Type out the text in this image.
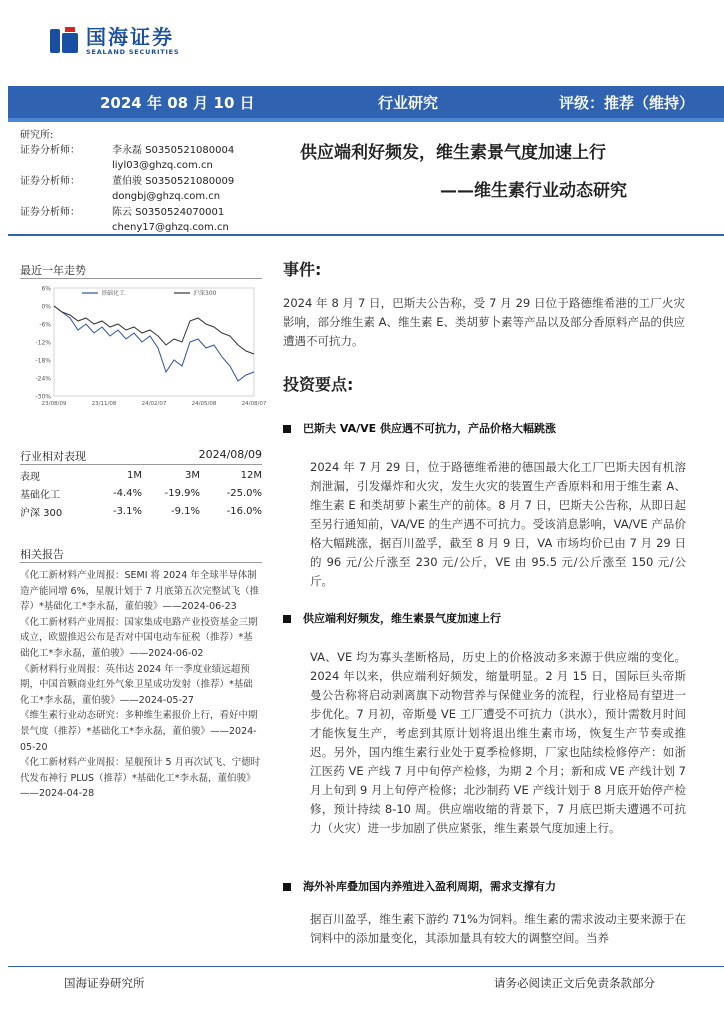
国海证券
SEALAND SECURITIES
2024 年 08 月 10 日	行业研究	评级：推荐（维持）
研究所:
证券分析师：	李永磊 S0350521080004
liyl03@ghzq.com.cn
证券分析师：	董伯骏 S0350521080009
dongbj@ghzq.com.cn
证券分析师：	陈云 S0350524070001
cheny17@ghzq.com.cn
供应端利好频发，维生素景气度加速上行
——维生素行业动态研究
最近一年走势
6%
0%
-6%
-12%
-18%
-24%
-30%
23/08/09	23/11/08	24/02/07	24/05/08	24/08/07
基础化工	沪深300
行业相对表现	2024/08/09
表现	1M	3M	12M
基础化工	-4.4%	-19.9%	-25.0%
沪深 300	-3.1%	-9.1%	-16.0%
相关报告
《化工新材料产业周报：SEMI 将 2024 年全球半导体制造产能同增 6%，星舰计划于 7 月底第五次完整试飞（推荐）*基础化工*李永磊，董伯骏》——2024-06-23
《化工新材料产业周报：国家集成电路产业投资基金三期成立，欧盟推迟公布是否对中国电动车征税（推荐）*基础化工*李永磊，董伯骏》——2024-06-02
《新材料行业周报：英伟达 2024 年一季度业绩远超预期，中国首颗商业红外气象卫星成功发射（推荐）*基础化工*李永磊，董伯骏》——2024-05-27
《维生素行业动态研究：多种维生素报价上行，看好中期景气度（推荐）*基础化工*李永磊，董伯骏》——2024-05-20
《化工新材料产业周报：星舰预计 5 月再次试飞、宁德时代发布神行 PLUS（推荐）*基础化工*李永磊，董伯骏》——2024-04-28
事件:
2024 年 8 月 7 日，巴斯夫公告称，受 7 月 29 日位于路德维希港的工厂火灾影响，部分维生素 A、维生素 E、类胡萝卜素等产品以及部分香原料产品的供应遭遇不可抗力。
投资要点:
巴斯夫 VA/VE 供应遇不可抗力，产品价格大幅跳涨
2024 年 7 月 29 日，位于路德维希港的德国最大化工厂巴斯夫因有机溶剂泄漏，引发爆炸和火灾，发生火灾的装置生产香原料和用于维生素 A、维生素 E 和类胡萝卜素生产的前体。8 月 7 日，巴斯夫公告称，从即日起至另行通知前，VA/VE 的生产遇不可抗力。受该消息影响，VA/VE 产品价格大幅跳涨，据百川盈孚，截至 8 月 9 日，VA 市场均价已由 7 月 29 日的 96 元/公斤涨至 230 元/公斤，VE 由 95.5 元/公斤涨至 150 元/公斤。
供应端利好频发，维生素景气度加速上行
VA、VE 均为寡头垄断格局，历史上的价格波动多来源于供应端的变化。2024 年以来，供应端利好频发，缩量明显。2 月 15 日，国际巨头帝斯曼公告称将启动剥离旗下动物营养与保健业务的流程，行业格局有望进一步优化。7 月初，帝斯曼 VE 工厂遭受不可抗力（洪水），预计需数月时间才能恢复生产，考虑到其原计划将退出维生素市场，恢复生产节奏或推迟。另外，国内维生素行业处于夏季检修期，厂家也陆续检修停产：如浙江医药 VE 产线 7 月中旬停产检修，为期 2 个月；新和成 VE 产线计划 7 月上旬到 9 月上旬停产检修；北沙制药 VE 产线计划于 8 月底开始停产检修，预计持续 8-10 周。供应端收缩的背景下，7 月底巴斯夫遭遇不可抗力（火灾）进一步加剧了供应紧张，维生素景气度加速上行。
海外补库叠加国内养殖进入盈利周期，需求支撑有力
据百川盈孚，维生素下游约 71%为饲料。维生素的需求波动主要来源于在饲料中的添加量变化，其添加量具有较大的调整空间。当养
国海证券研究所	请务必阅读正文后免责条款部分
